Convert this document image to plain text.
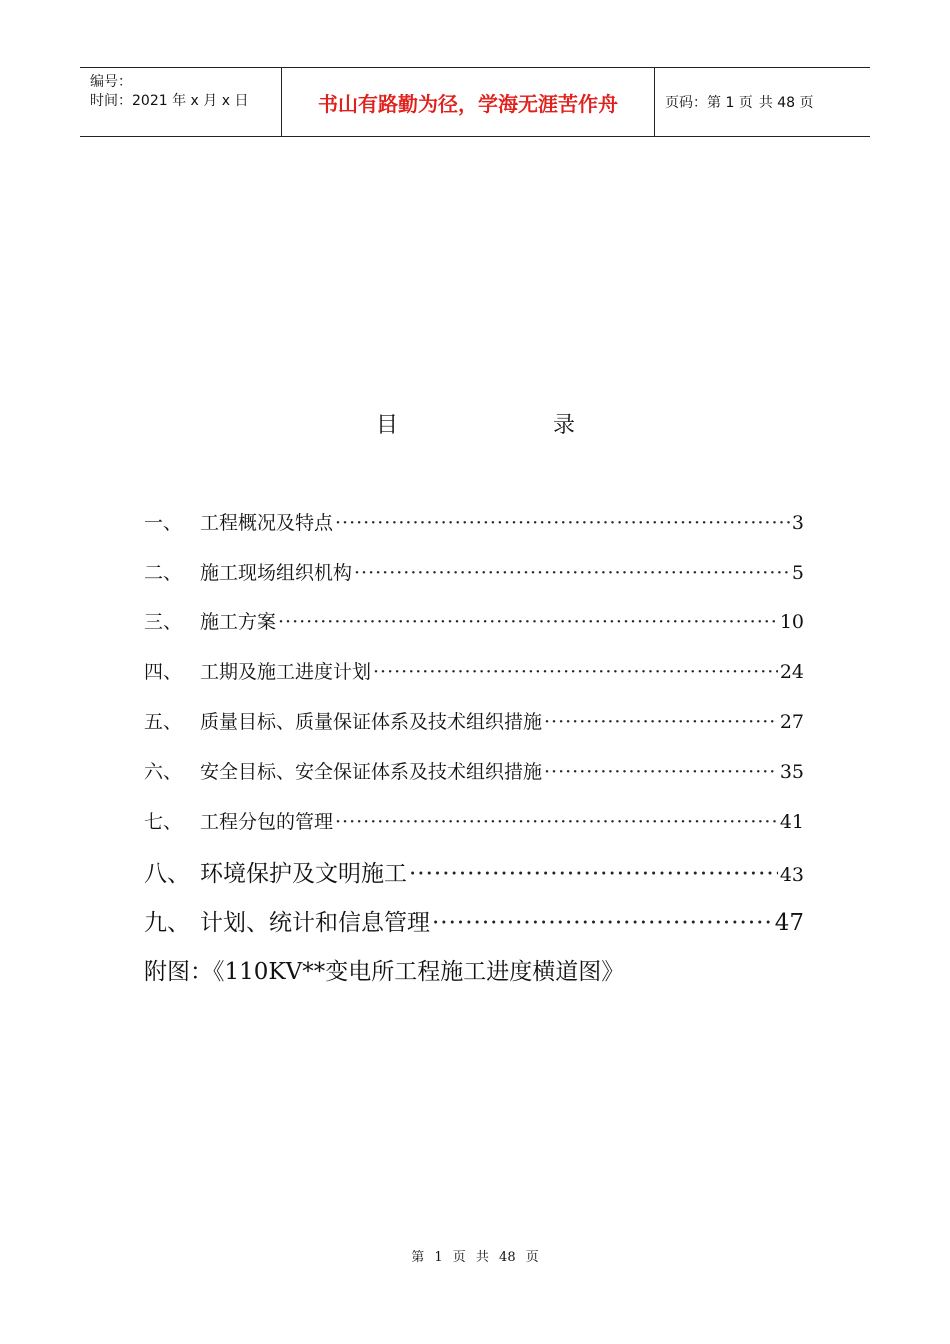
编号：
时间：2021 年 x 月 x 日	书山有路勤为径，学海无涯苦作舟	页码：第 1 页 共 48 页
目	录
一、 工程概况及特点 ·····	3
二、 施工现场组织机构 ·····	5
三、 施工方案 ·····	10
四、 工期及施工进度计划 ·····	24
五、 质量目标、质量保证体系及技术组织措施 ·····	27
六、 安全目标、安全保证体系及技术组织措施 ·····	35
七、 工程分包的管理 ·····	41
八、 环境保护及文明施工 ·····	43
九、 计划、统计和信息管理 ·····	47
附图：《110KV**变电所工程施工进度横道图》
第 1 页 共 48 页
